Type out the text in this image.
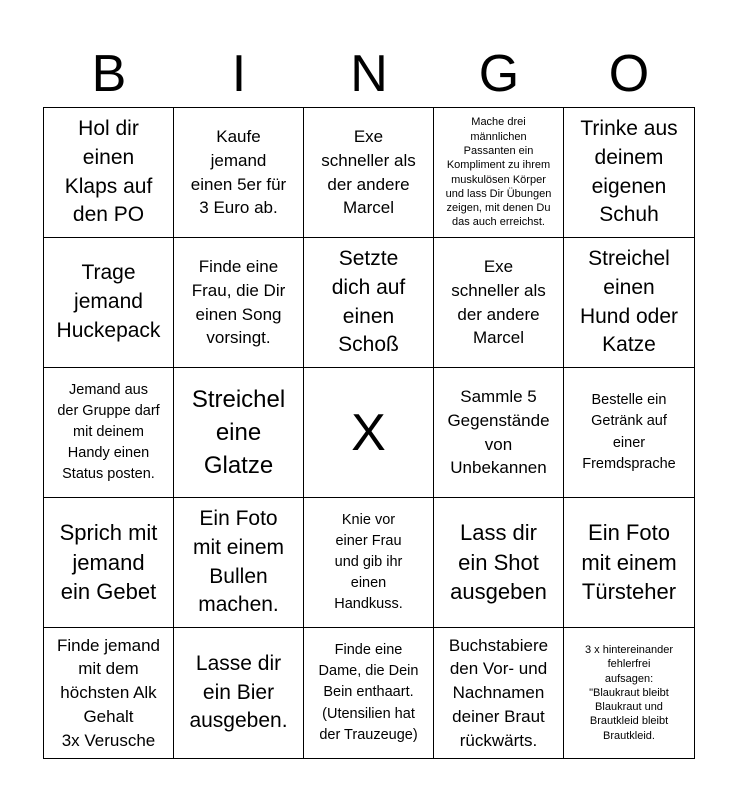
B	I	N	G	O
Hol dir
einen
Klaps auf
den PO
Kaufe
jemand
einen 5er für
3 Euro ab.
Exe
schneller als
der andere
Marcel
Mache drei
männlichen
Passanten ein
Kompliment zu ihrem
muskulösen Körper
und lass Dir Übungen
zeigen, mit denen Du
das auch erreichst.
Trinke aus
deinem
eigenen
Schuh
Trage
jemand
Huckepack
Finde eine
Frau, die Dir
einen Song
vorsingt.
Setzte
dich auf
einen
Schoß
Exe
schneller als
der andere
Marcel
Streichel
einen
Hund oder
Katze
Jemand aus
der Gruppe darf
mit deinem
Handy einen
Status posten.
Streichel
eine
Glatze
X
Sammle 5
Gegenstände
von
Unbekannen
Bestelle ein
Getränk auf
einer
Fremdsprache
Sprich mit
jemand
ein Gebet
Ein Foto
mit einem
Bullen
machen.
Knie vor
einer Frau
und gib ihr
einen
Handkuss.
Lass dir
ein Shot
ausgeben
Ein Foto
mit einem
Türsteher
Finde jemand
mit dem
höchsten Alk
Gehalt
3x Verusche
Lasse dir
ein Bier
ausgeben.
Finde eine
Dame, die Dein
Bein enthaart.
(Utensilien hat
der Trauzeuge)
Buchstabiere
den Vor- und
Nachnamen
deiner Braut
rückwärts.
3 x hintereinander
fehlerfrei
aufsagen:
"Blaukraut bleibt
Blaukraut und
Brautkleid bleibt
Brautkleid.
